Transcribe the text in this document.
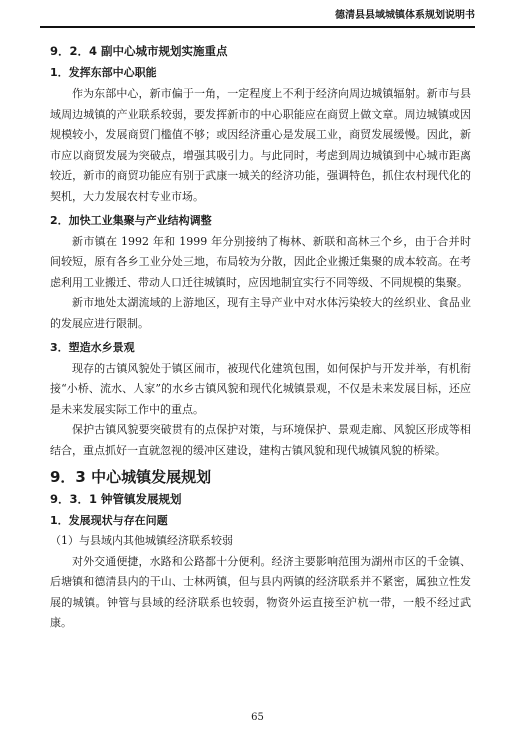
德清县县域城镇体系规划说明书
9．2．4 副中心城市规划实施重点
1．发挥东部中心职能

作为东部中心，新市偏于一角，一定程度上不利于经济向周边城镇辐射。新市与县域周边城镇的产业联系较弱，要发挥新市的中心职能应在商贸上做文章。周边城镇或因规模较小，发展商贸门槛值不够；或因经济重心是发展工业，商贸发展缓慢。因此，新市应以商贸发展为突破点，增强其吸引力。与此同时，考虑到周边城镇到中心城市距离较近，新市的商贸功能应有别于武康一城关的经济功能，强调特色，抓住农村现代化的契机，大力发展农村专业市场。

2．加快工业集聚与产业结构调整

新市镇在 1992 年和 1999 年分别接纳了梅林、新联和高林三个乡，由于合并时间较短，原有各乡工业分处三地，布局较为分散，因此企业搬迁集聚的成本较高。在考虑利用工业搬迁、带动人口迁往城镇时，应因地制宜实行不同等级、不同规模的集聚。

新市地处太湖流域的上游地区，现有主导产业中对水体污染较大的丝织业、食品业的发展应进行限制。

3．塑造水乡景观

现存的古镇风貌处于镇区闹市，被现代化建筑包围，如何保护与开发并举，有机衔接“小桥、流水、人家”的水乡古镇风貌和现代化城镇景观，不仅是未来发展目标，还应是未来发展实际工作中的重点。

保护古镇风貌要突破贯有的点保护对策，与环境保护、景观走廊、风貌区形成等相结合，重点抓好一直就忽视的缓冲区建设，建构古镇风貌和现代城镇风貌的桥梁。

9．3 中心城镇发展规划
9．3．1 钟管镇发展规划
1．发展现状与存在问题
（1）与县域内其他城镇经济联系较弱

对外交通便捷，水路和公路都十分便利。经济主要影响范围为湖州市区的千金镇、后塘镇和德清县内的干山、士林两镇，但与县内两镇的经济联系并不紧密，属独立性发展的城镇。钟管与县域的经济联系也较弱，物资外运直接至沪杭一带，一般不经过武康。

65
